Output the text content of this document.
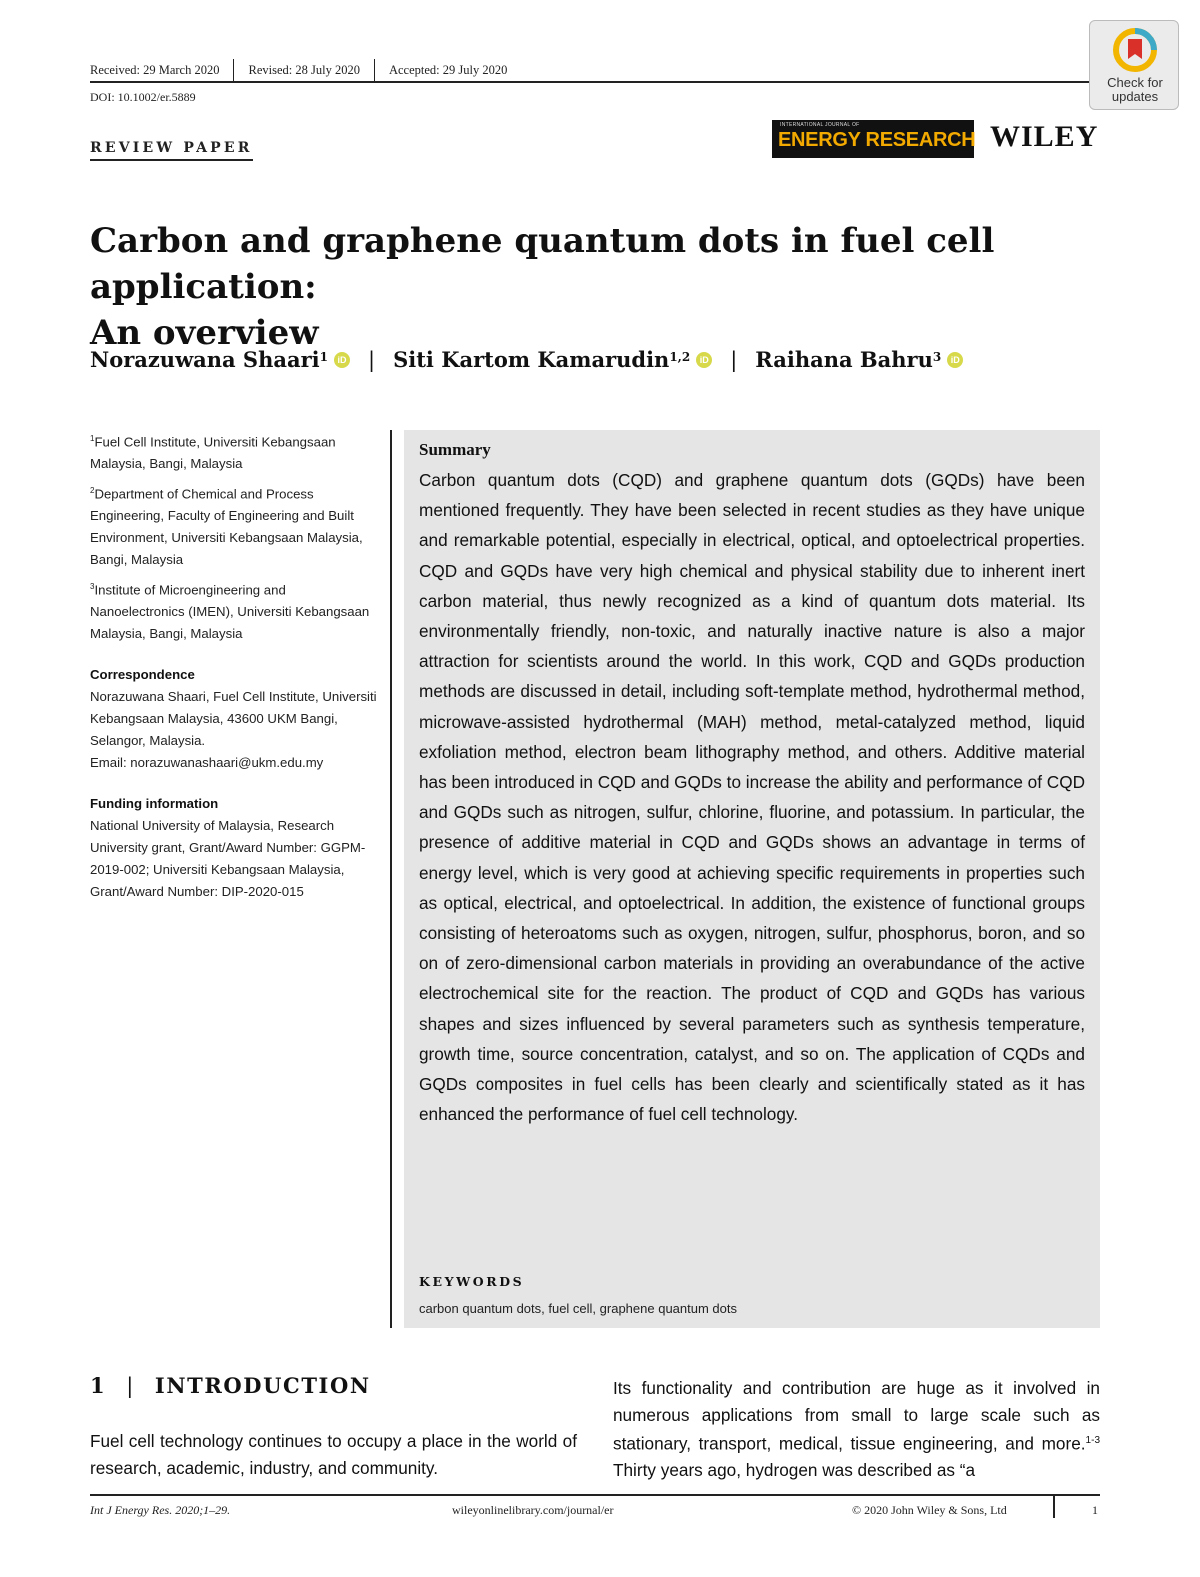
Received: 29 March 2020 Revised: 28 July 2020 Accepted: 29 July 2020
DOI: 10.1002/er.5889
Check for
updates
REVIEW PAPER
INTERNATIONAL JOURNAL OF
ENERGY RESEARCH WILEY
Carbon and graphene quantum dots in fuel cell application:
An overview
Norazuwana Shaari$^1$	iD | Siti Kartom Kamarudin$^{1,2}$	iD | Raihana Bahru$^3$	iD
$^1$Fuel Cell Institute, Universiti Kebangsaan Malaysia, Bangi, Malaysia
$^2$Department of Chemical and Process Engineering, Faculty of Engineering and Built Environment, Universiti Kebangsaan Malaysia, Bangi, Malaysia
$^3$Institute of Microengineering and Nanoelectronics (IMEN), Universiti Kebangsaan Malaysia, Bangi, Malaysia
Correspondence
Norazuwana Shaari, Fuel Cell Institute, Universiti Kebangsaan Malaysia, 43600 UKM Bangi, Selangor, Malaysia.
Email: norazuwanashaari@ukm.edu.my
Funding information
National University of Malaysia, Research University grant, Grant/Award Number: GGPM-2019-002; Universiti Kebangsaan Malaysia, Grant/Award Number: DIP-2020-015
Summary
Carbon quantum dots (CQD) and graphene quantum dots (GQDs) have been mentioned frequently. They have been selected in recent studies as they have unique and remarkable potential, especially in electrical, optical, and optoelectrical properties. CQD and GQDs have very high chemical and physical stability due to inherent inert carbon material, thus newly recognized as a kind of quantum dots material. Its environmentally friendly, non-toxic, and naturally inactive nature is also a major attraction for scientists around the world. In this work, CQD and GQDs production methods are discussed in detail, including soft-template method, hydrothermal method, microwave-assisted hydrothermal (MAH) method, metal-catalyzed method, liquid exfoliation method, electron beam lithography method, and others. Additive material has been introduced in CQD and GQDs to increase the ability and performance of CQD and GQDs such as nitrogen, sulfur, chlorine, fluorine, and potassium. In particular, the presence of additive material in CQD and GQDs shows an advantage in terms of energy level, which is very good at achieving specific requirements in properties such as optical, electrical, and optoelectrical. In addition, the existence of functional groups consisting of heteroatoms such as oxygen, nitrogen, sulfur, phosphorus, boron, and so on of zero-dimensional carbon materials in providing an overabundance of the active electrochemical site for the reaction. The product of CQD and GQDs has various shapes and sizes influenced by several parameters such as synthesis temperature, growth time, source concentration, catalyst, and so on. The application of CQDs and GQDs composites in fuel cells has been clearly and scientifically stated as it has enhanced the performance of fuel cell technology.
KEYWORDS
carbon quantum dots, fuel cell, graphene quantum dots
1 | INTRODUCTION
Fuel cell technology continues to occupy a place in the world of research, academic, industry, and community.
Its functionality and contribution are huge as it involved in numerous applications from small to large scale such as stationary, transport, medical, tissue engineering, and more.$^{1-3}$ Thirty years ago, hydrogen was described as “a
Int J Energy Res. 2020;1–29.	wileyonlinelibrary.com/journal/er	© 2020 John Wiley & Sons, Ltd	1
